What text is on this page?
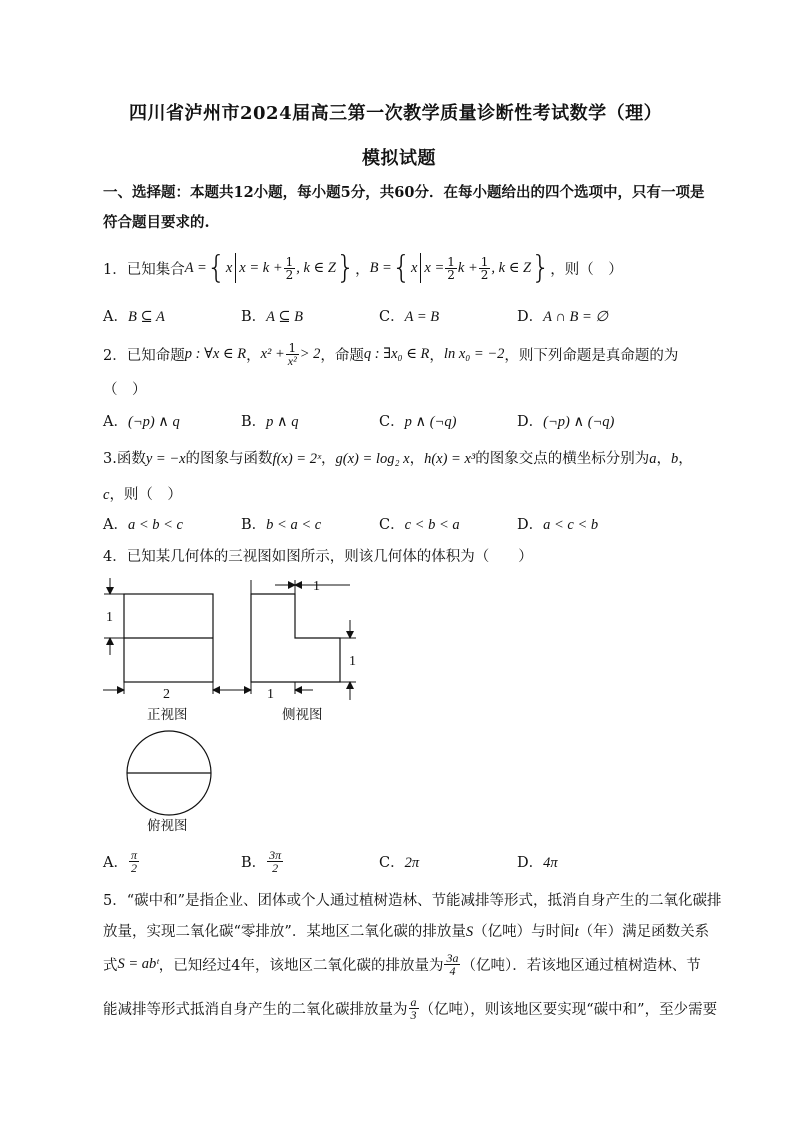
四川省泸州市2024届高三第一次教学质量诊断性考试数学（理）
模拟试题
一、选择题：本题共12小题，每小题5分，共60分．在每小题给出的四个选项中，只有一项是
符合题目要求的.
1．已知集合 A = { x $x = k + \frac{1}{2}$ , k ∈ Z } ， B = { x $x = \frac{1}{2}$ $k + \frac{1}{2}$ , k ∈ Z } ，则（　）
A．B ⊆ A	B．A ⊆ B	C．A = B	D．A ∩ B = ∅
2．已知命题 p : ∀x ∈ R ， $x^2 + \frac{1}{\text{x²}} > 2$ ，命题 q : ∃x₀ ∈ R ， ln x₀ = −2 ，则下列命题是真命题的为
（　）
A．(¬p) ∧ q	B．p ∧ q	C．p ∧ (¬q)	D．(¬p) ∧ (¬q)
3.函数y = −x的图象与函数f(x) = 2ˣ，g(x) = log₂ x，h(x) = x³的图象交点的横坐标分别为a，b，
c，则（　）
A．a < b < c	B．b < a < c	C．c < b < a	D．a < c < b
4．已知某几何体的三视图如图所示，则该几何体的体积为（　　）
1
2
正视图
1
1
1
侧视图
俯视图
A． $\frac{\pi}{2}$	B． $\frac{3\pi}{2}$	C．2π	D．4π
5．“碳中和”是指企业、团体或个人通过植树造林、节能减排等形式，抵消自身产生的二氧化碳排
放量，实现二氧化碳“零排放”．某地区二氧化碳的排放量S（亿吨）与时间t（年）满足函数关系
式 S = abᵗ ，已知经过4年，该地区二氧化碳的排放量为 $\frac{3a}{4}$ （亿吨）．若该地区通过植树造林、节
能减排等形式抵消自身产生的二氧化碳排放量为 $\frac{a}{3}$ （亿吨），则该地区要实现“碳中和”，至少需要
